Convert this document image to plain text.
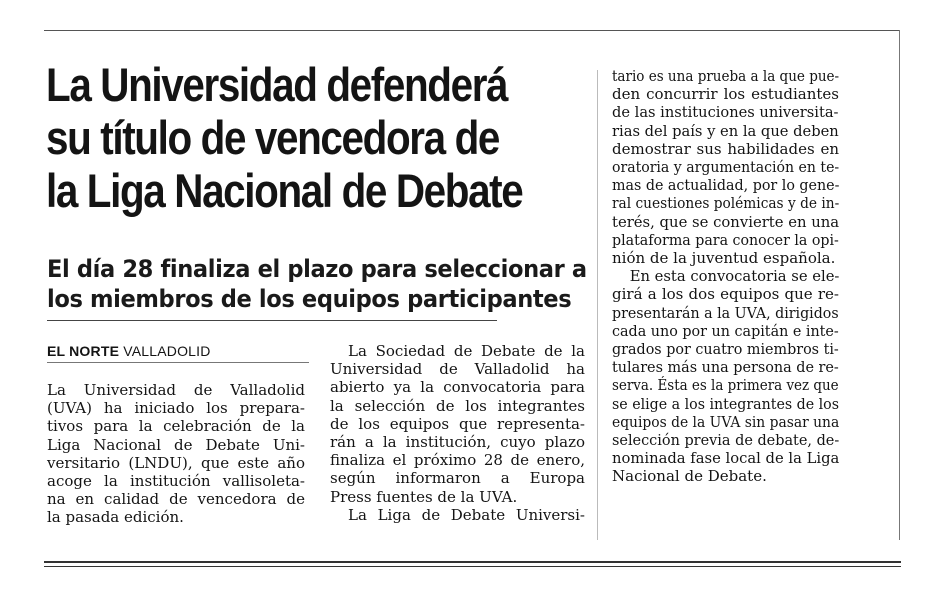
La Universidad defenderá
su título de vencedora de
la Liga Nacional de Debate
El día 28 finaliza el plazo para seleccionar a
los miembros de los equipos participantes
EL NORTE VALLADOLID
La Universidad de Valladolid
(UVA) ha iniciado los prepara-
tivos para la celebración de la
Liga Nacional de Debate Uni-
versitario (LNDU), que este año
acoge la institución vallisoleta-
na en calidad de vencedora de
la pasada edición.
La Sociedad de Debate de la
Universidad de Valladolid ha
abierto ya la convocatoria para
la selección de los integrantes
de los equipos que representa-
rán a la institución, cuyo plazo
finaliza el próximo 28 de enero,
según informaron a Europa
Press fuentes de la UVA.
La Liga de Debate Universi-
tario es una prueba a la que pue-
den concurrir los estudiantes
de las instituciones universita-
rias del país y en la que deben
demostrar sus habilidades en
oratoria y argumentación en te-
mas de actualidad, por lo gene-
ral cuestiones polémicas y de in-
terés, que se convierte en una
plataforma para conocer la opi-
nión de la juventud española.
En esta convocatoria se ele-
girá a los dos equipos que re-
presentarán a la UVA, dirigidos
cada uno por un capitán e inte-
grados por cuatro miembros ti-
tulares más una persona de re-
serva. Ésta es la primera vez que
se elige a los integrantes de los
equipos de la UVA sin pasar una
selección previa de debate, de-
nominada fase local de la Liga
Nacional de Debate.
